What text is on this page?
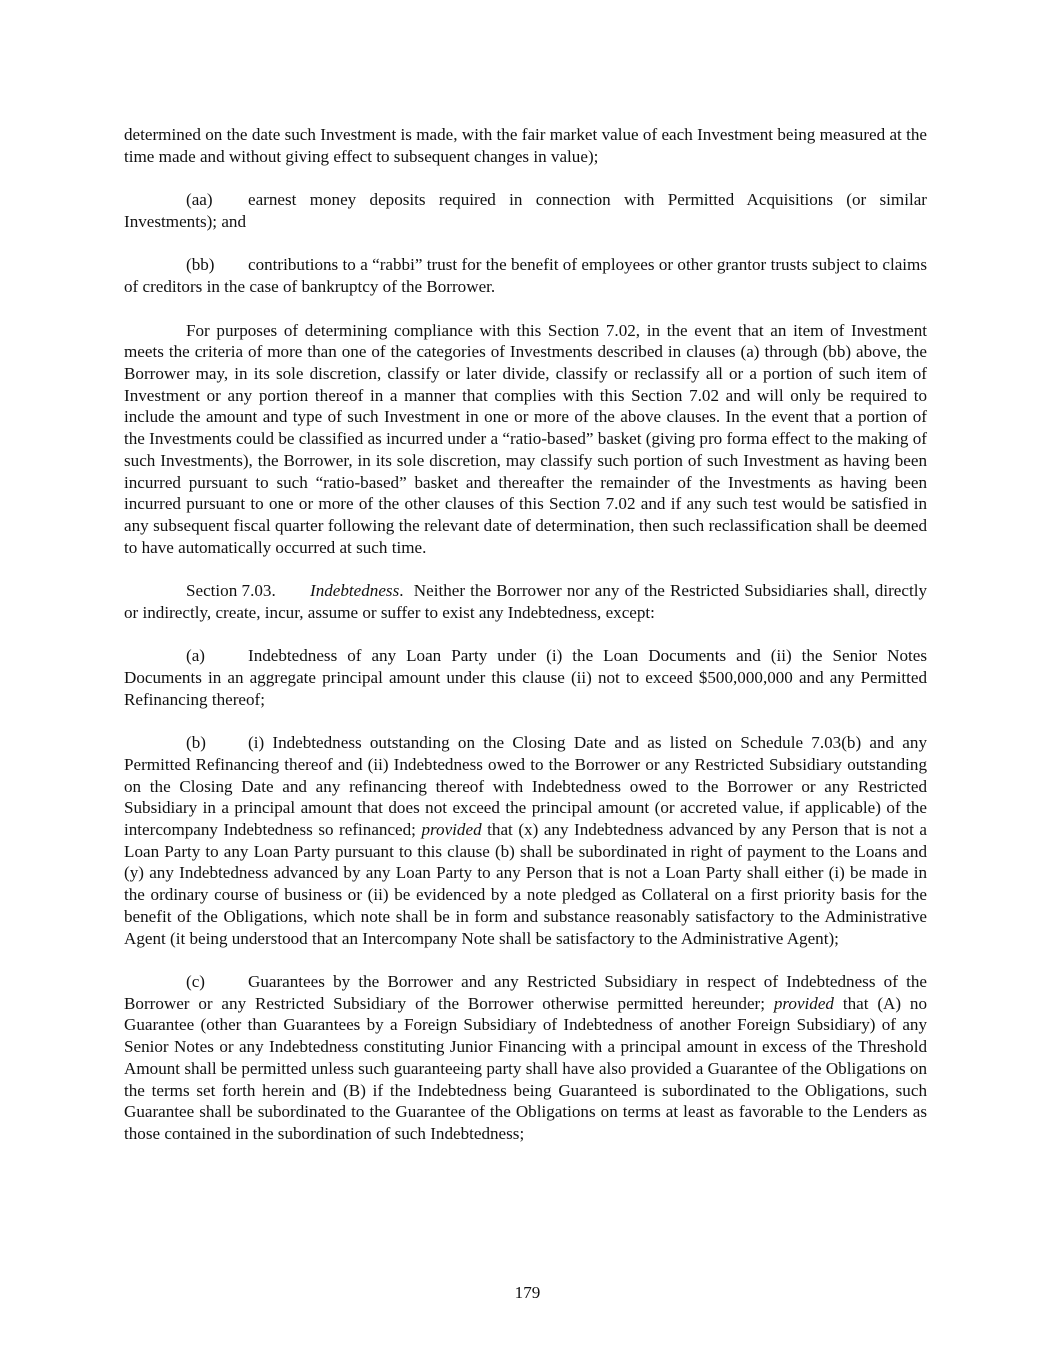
determined on the date such Investment is made, with the fair market value of each Investment being measured at the time made and without giving effect to subsequent changes in value);

(aa) earnest money deposits required in connection with Permitted Acquisitions (or similar Investments); and

(bb) contributions to a “rabbi” trust for the benefit of employees or other grantor trusts subject to claims of creditors in the case of bankruptcy of the Borrower.

For purposes of determining compliance with this Section 7.02, in the event that an item of Investment meets the criteria of more than one of the categories of Investments described in clauses (a) through (bb) above, the Borrower may, in its sole discretion, classify or later divide, classify or reclassify all or a portion of such item of Investment or any portion thereof in a manner that complies with this Section 7.02 and will only be required to include the amount and type of such Investment in one or more of the above clauses. In the event that a portion of the Investments could be classified as incurred under a “ratio-based” basket (giving pro forma effect to the making of such Investments), the Borrower, in its sole discretion, may classify such portion of such Investment as having been incurred pursuant to such “ratio-based” basket and thereafter the remainder of the Investments as having been incurred pursuant to one or more of the other clauses of this Section 7.02 and if any such test would be satisfied in any subsequent fiscal quarter following the relevant date of determination, then such reclassification shall be deemed to have automatically occurred at such time.

Section 7.03. Indebtedness. Neither the Borrower nor any of the Restricted Subsidiaries shall, directly or indirectly, create, incur, assume or suffer to exist any Indebtedness, except:

(a)	Indebtedness of any Loan Party under (i) the Loan Documents and (ii) the Senior Notes Documents in an aggregate principal amount under this clause (ii) not to exceed $500,000,000 and any Permitted Refinancing thereof;

(b) (i) Indebtedness outstanding on the Closing Date and as listed on Schedule 7.03(b) and any Permitted Refinancing thereof and (ii) Indebtedness owed to the Borrower or any Restricted Subsidiary outstanding on the Closing Date and any refinancing thereof with Indebtedness owed to the Borrower or any Restricted Subsidiary in a principal amount that does not exceed the principal amount (or accreted value, if applicable) of the intercompany Indebtedness so refinanced; provided that (x) any Indebtedness advanced by any Person that is not a Loan Party to any Loan Party pursuant to this clause (b) shall be subordinated in right of payment to the Loans and (y) any Indebtedness advanced by any Loan Party to any Person that is not a Loan Party shall either (i) be made in the ordinary course of business or (ii) be evidenced by a note pledged as Collateral on a first priority basis for the benefit of the Obligations, which note shall be in form and substance reasonably satisfactory to the Administrative Agent (it being understood that an Intercompany Note shall be satisfactory to the Administrative Agent);

(c)	Guarantees by the Borrower and any Restricted Subsidiary in respect of Indebtedness of the Borrower or any Restricted Subsidiary of the Borrower otherwise permitted hereunder; provided that (A) no Guarantee (other than Guarantees by a Foreign Subsidiary of Indebtedness of another Foreign Subsidiary) of any Senior Notes or any Indebtedness constituting Junior Financing with a principal amount in excess of the Threshold Amount shall be permitted unless such guaranteeing party shall have also provided a Guarantee of the Obligations on the terms set forth herein and (B) if the Indebtedness being Guaranteed is subordinated to the Obligations, such Guarantee shall be subordinated to the Guarantee of the Obligations on terms at least as favorable to the Lenders as those contained in the subordination of such Indebtedness;

179
